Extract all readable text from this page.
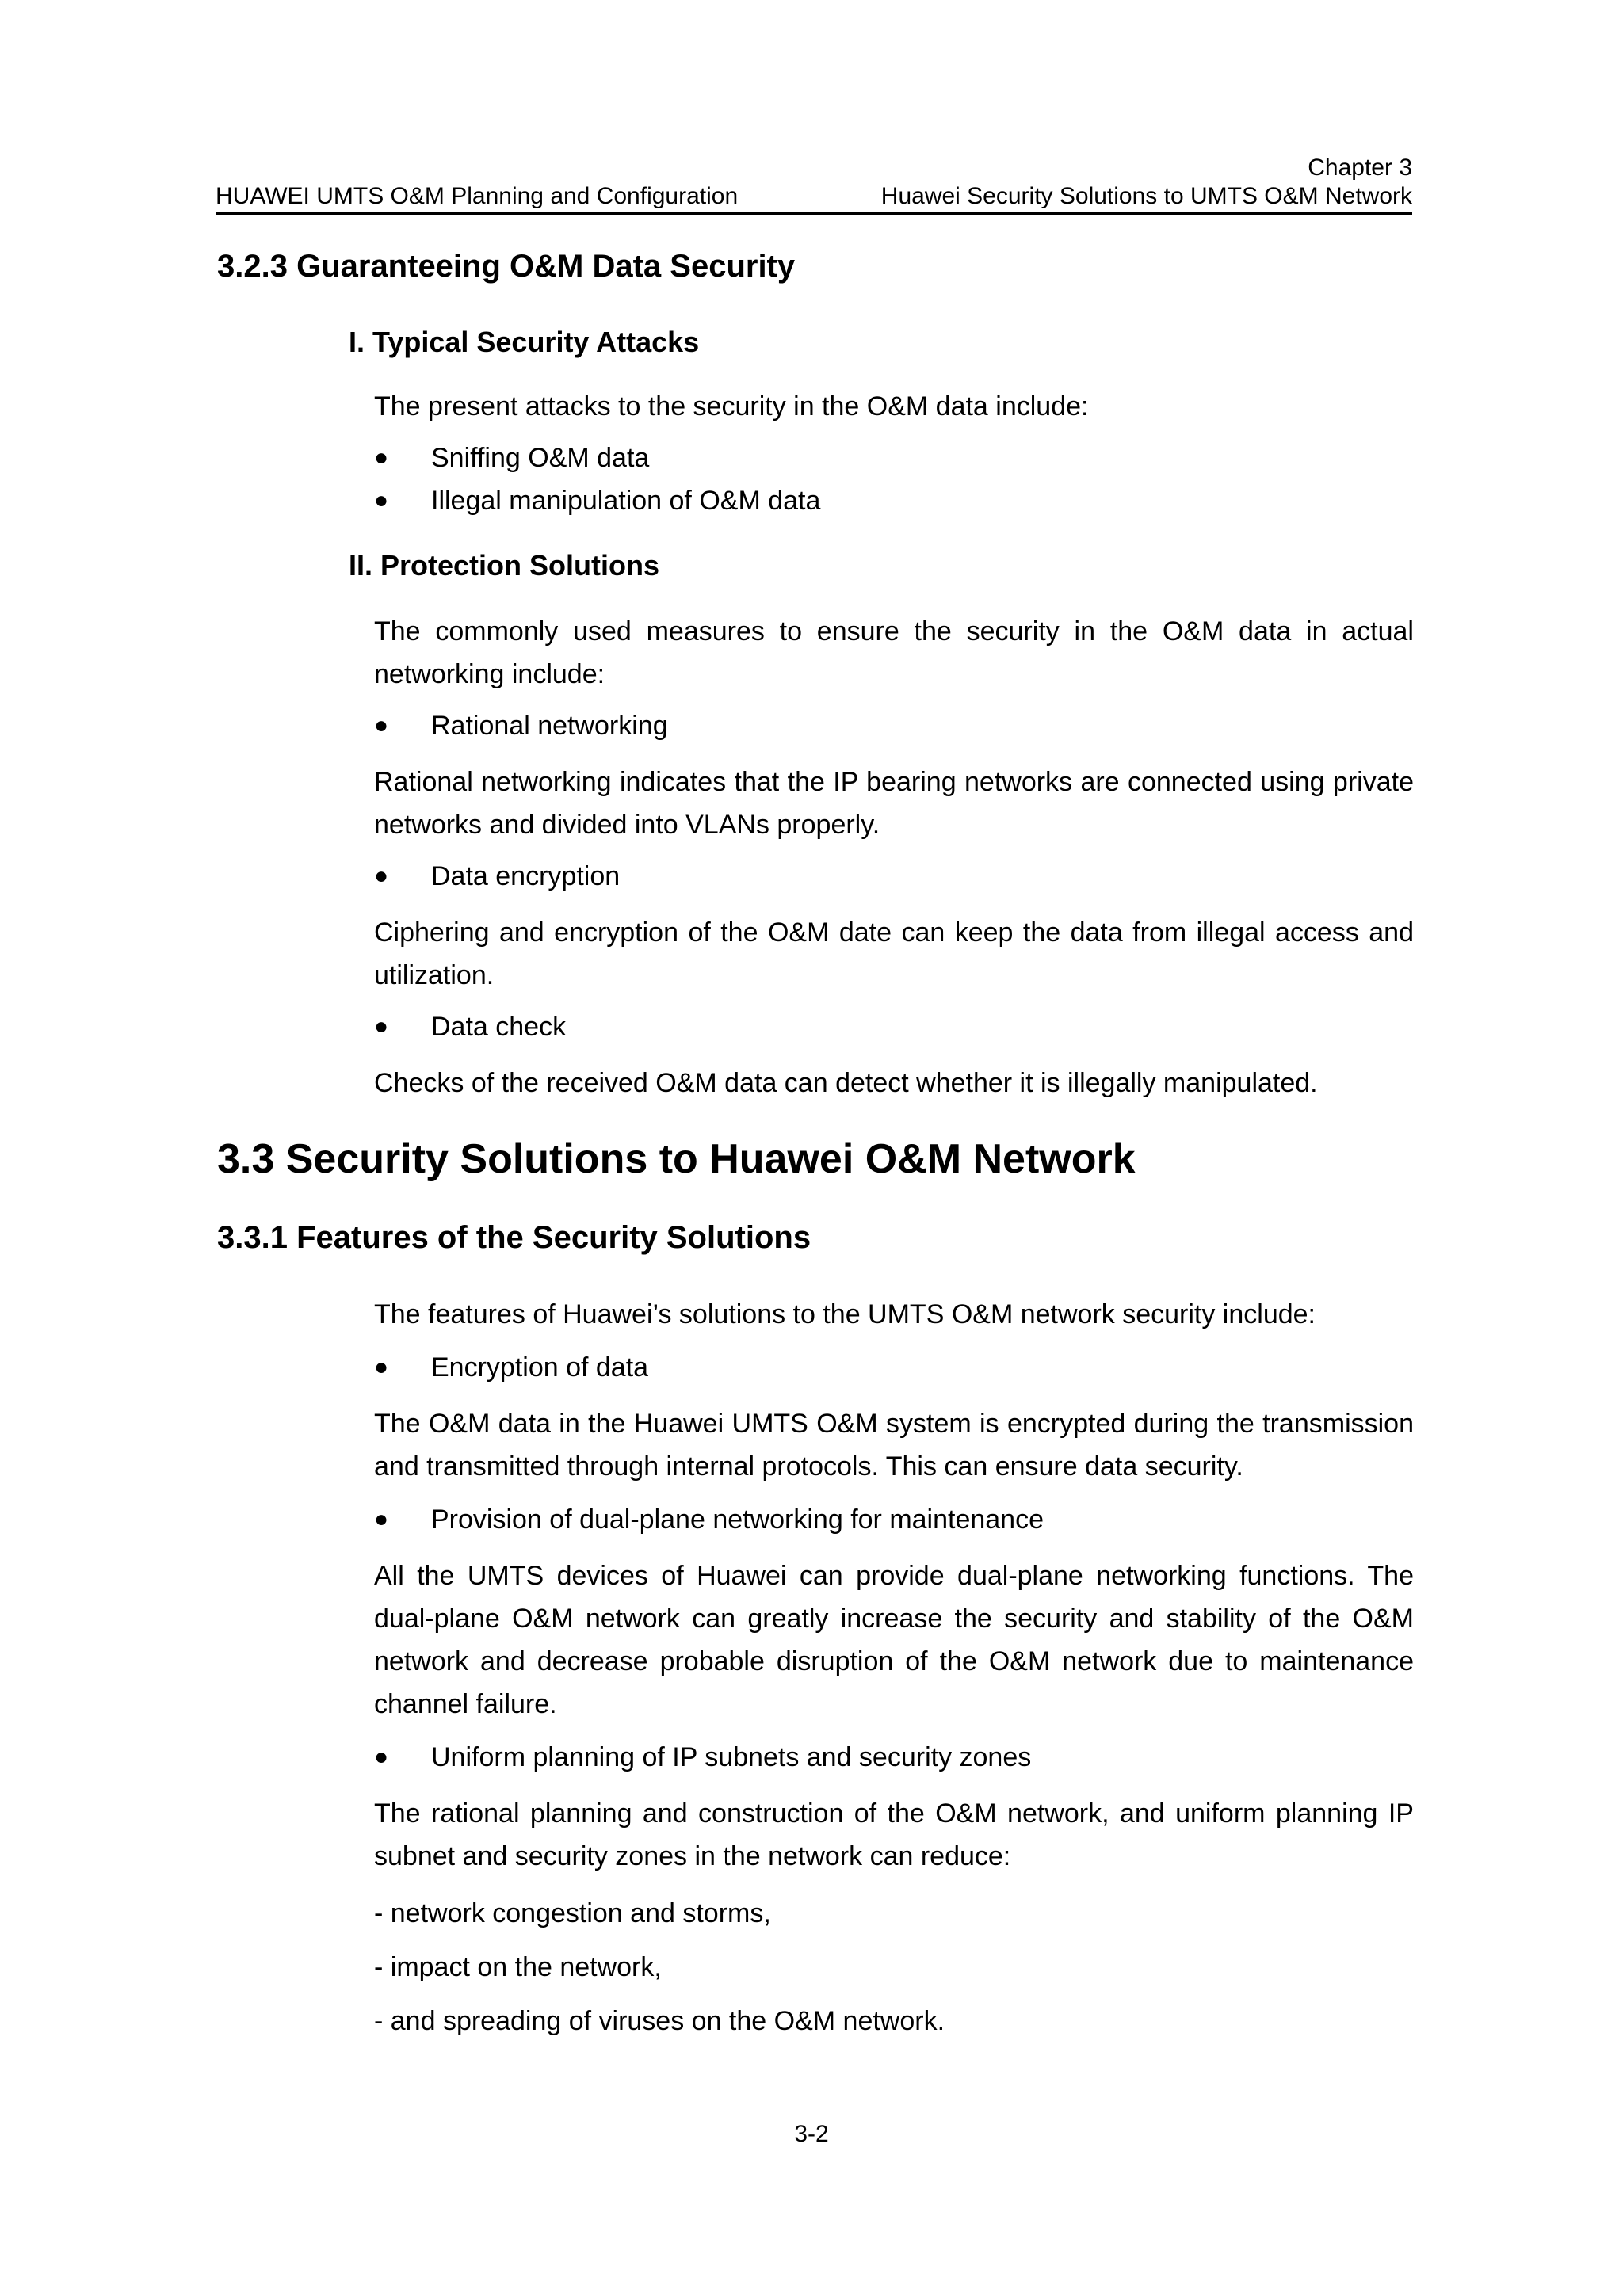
Chapter 3
HUAWEI UMTS O&M Planning and Configuration	Huawei Security Solutions to UMTS O&M Network
3.2.3 Guaranteeing O&M Data Security
I. Typical Security Attacks
The present attacks to the security in the O&M data include:
● Sniffing O&M data
● Illegal manipulation of O&M data
II. Protection Solutions
The commonly used measures to ensure the security in the O&M data in actual networking include:
● Rational networking
Rational networking indicates that the IP bearing networks are connected using private networks and divided into VLANs properly.
● Data encryption
Ciphering and encryption of the O&M date can keep the data from illegal access and utilization.
● Data check
Checks of the received O&M data can detect whether it is illegally manipulated.
3.3 Security Solutions to Huawei O&M Network
3.3.1 Features of the Security Solutions
The features of Huawei’s solutions to the UMTS O&M network security include:
● Encryption of data
The O&M data in the Huawei UMTS O&M system is encrypted during the transmission and transmitted through internal protocols. This can ensure data security.
● Provision of dual-plane networking for maintenance
All the UMTS devices of Huawei can provide dual-plane networking functions. The dual-plane O&M network can greatly increase the security and stability of the O&M network and decrease probable disruption of the O&M network due to maintenance channel failure.
● Uniform planning of IP subnets and security zones
The rational planning and construction of the O&M network, and uniform planning IP subnet and security zones in the network can reduce:
- network congestion and storms,
- impact on the network,
- and spreading of viruses on the O&M network.
3-2
